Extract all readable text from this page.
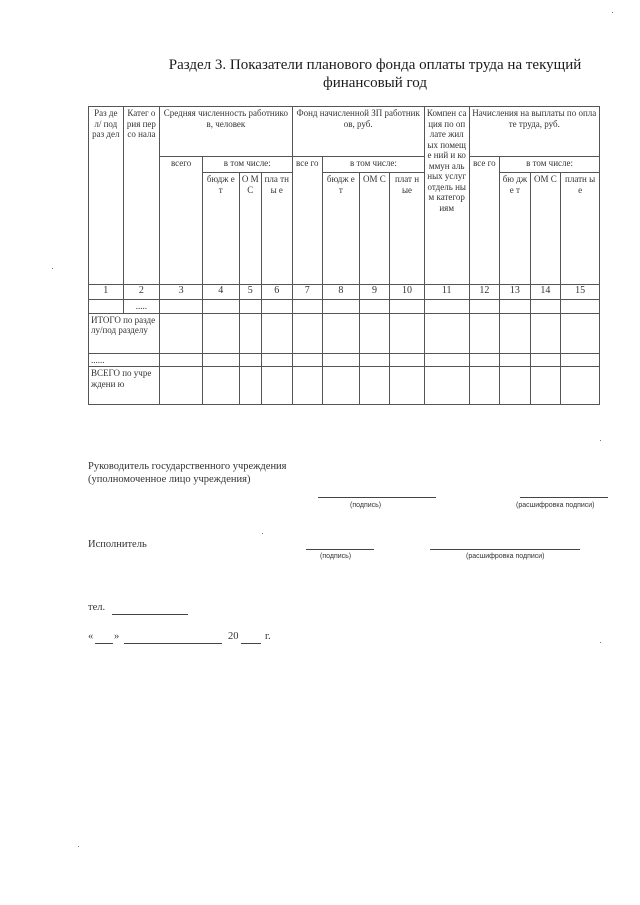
Раздел 3. Показатели планового фонда оплаты труда на текущий
финансовый год
Раз дел/ под раз дел	Катег ория персо нала	Средняя численность работников, человек				Фонд начисленной ЗП работников, руб.				Компен сация по оплате жилых помеще ний и коммун альных услуг отдель ным категор иям	Начисления на выплаты по оплате труда, руб.			
		всего	в том числе:			все го	в том числе:				все го	в том числе:		
			бюдж ет	О М С	пла тны е		бюдж ет	ОМ С	плат ные			бю дже т	ОМ С	платн ые
1	2	3	4	5	6	7	8	9	10	11	12	13	14	15
	.....													
ИТОГО по разделу/под разделу														
......														
ВСЕГО по учреждени ю														
Руководитель государственного учреждения (уполномоченное лицо учреждения)
(подпись)	(расшифровка подписи)
Исполнитель
(подпись)	(расшифровка подписи)
тел.
« »	20	г.
